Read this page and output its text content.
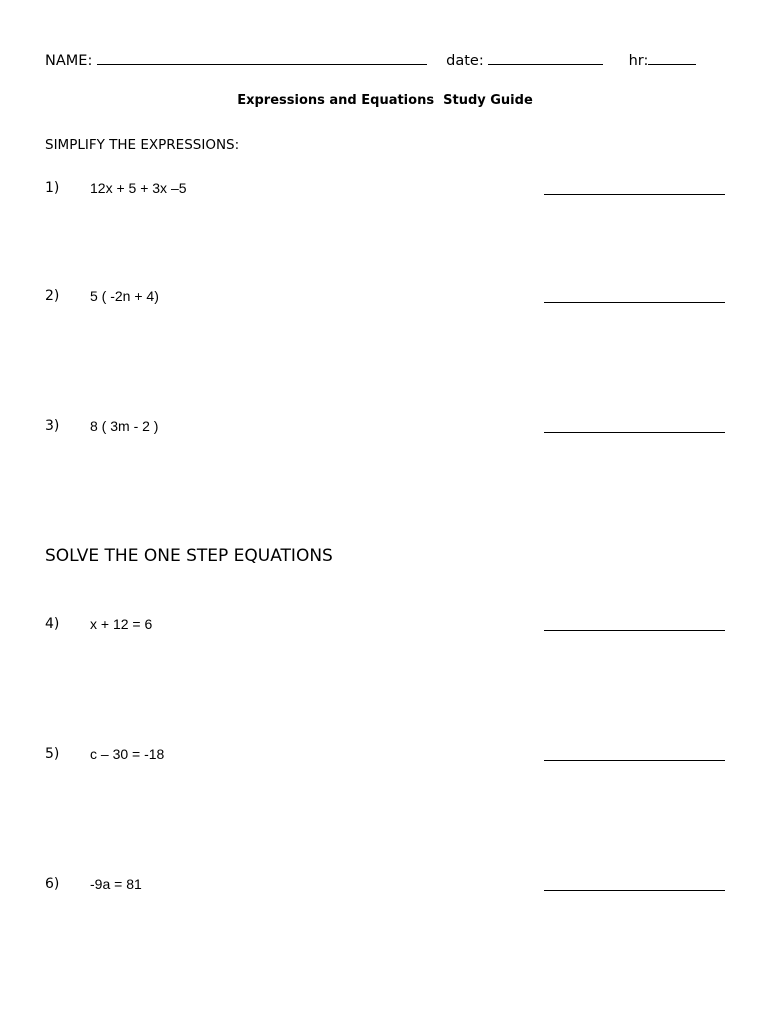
NAME:	date:	hr:
Expressions and Equations  Study Guide
SIMPLIFY THE EXPRESSIONS:
1) 12x + 5 + 3x –5
2) 5 ( -2n + 4)
3) 8 ( 3m - 2 )
SOLVE THE ONE STEP EQUATIONS
4) x + 12 = 6
5) c – 30 = -18
6) -9a = 81
